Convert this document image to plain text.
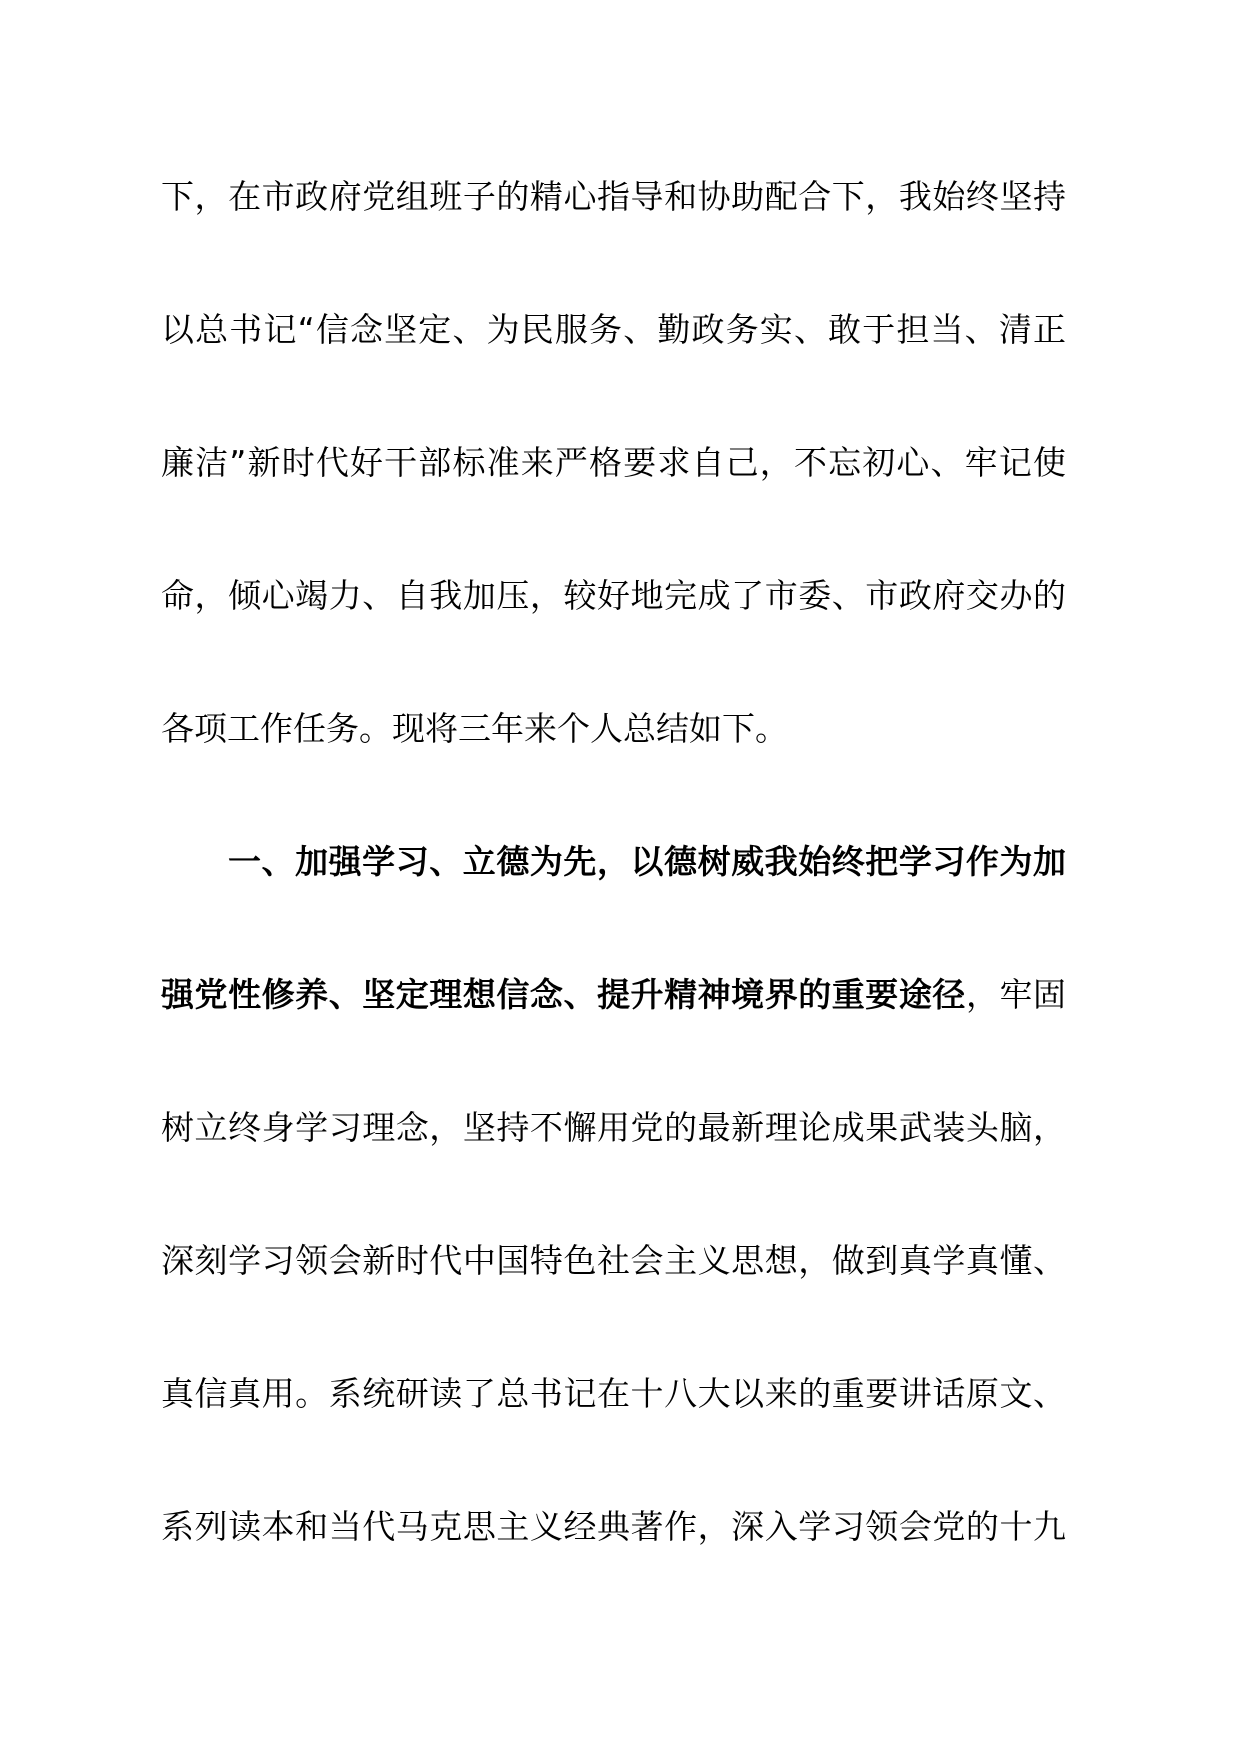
下，在市政府党组班子的精心指导和协助配合下，我始终坚持
以总书记“信念坚定、为民服务、勤政务实、敢于担当、清正
廉洁”新时代好干部标准来严格要求自己，不忘初心、牢记使
命，倾心竭力、自我加压，较好地完成了市委、市政府交办的
各项工作任务。现将三年来个人总结如下。
一、加强学习、立德为先，以德树威我始终把学习作为加
强党性修养、坚定理想信念、提升精神境界的重要途径，牢固
树立终身学习理念，坚持不懈用党的最新理论成果武装头脑，
深刻学习领会新时代中国特色社会主义思想，做到真学真懂、
真信真用。系统研读了总书记在十八大以来的重要讲话原文、
系列读本和当代马克思主义经典著作，深入学习领会党的十九
